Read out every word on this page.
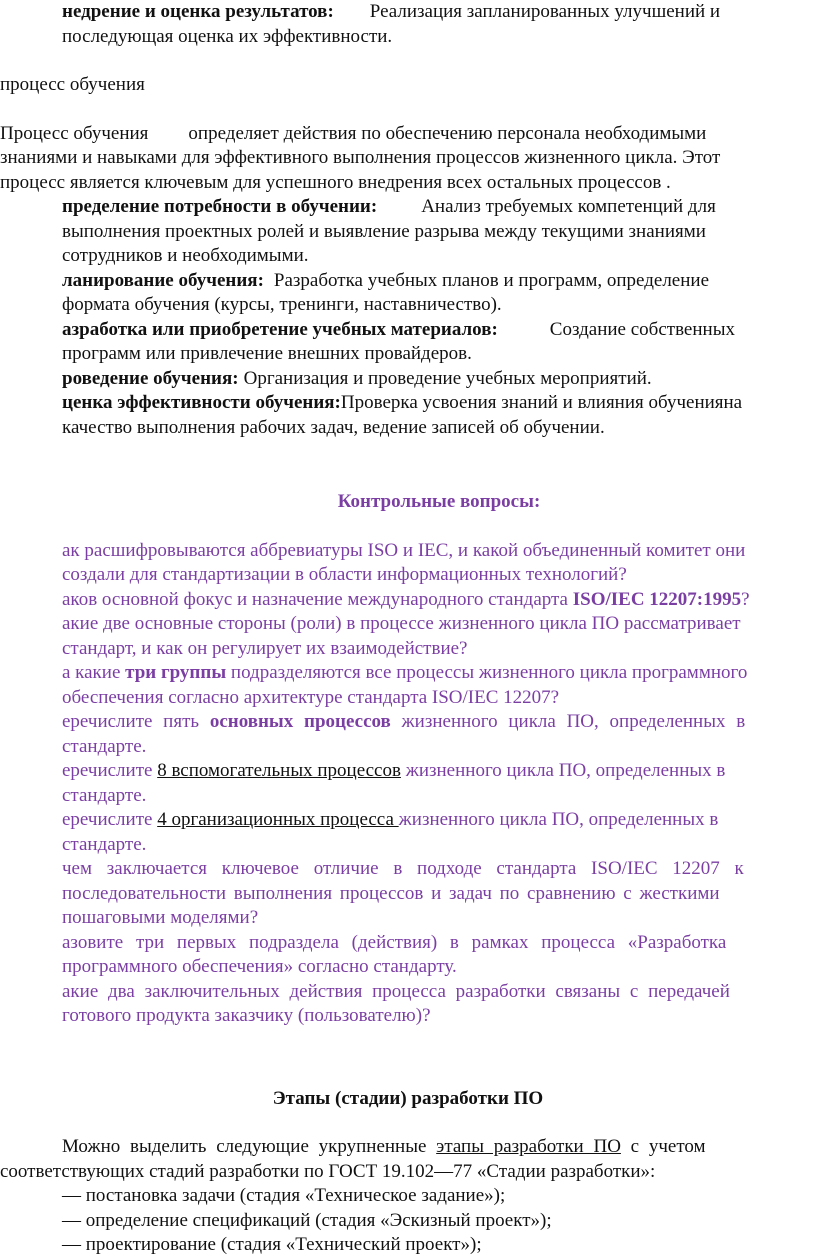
недрение и оценка результатов: Реализация запланированных улучшений и

последующая оценка их эффективности.

процесс обучения

Процесс обучения определяет действия по обеспечению персонала необходимыми

знаниями и навыками для эффективного выполнения процессов жизненного цикла. Этот

процесс является ключевым для успешного внедрения всех остальных процессов .

пределение потребности в обучении: Анализ требуемых компетенций для

выполнения проектных ролей и выявление разрыва между текущими знаниями

сотрудников и необходимыми.

ланирование обучения: Разработка учебных планов и программ, определение

формата обучения (курсы, тренинги, наставничество).

азработка или приобретение учебных материалов:	Создание собственных

программ или привлечение внешних провайдеров.

роведение обучения: Организация и проведение учебных мероприятий.

ценка эффективности обучения:Проверка усвоения знаний и влияния обучениянa

качество выполнения рабочих задач, ведение записей об обучении.

Контрольные вопросы:

ак расшифровываются аббревиатуры ISO и IEC, и какой объединенный комитет они

создали для стандартизации в области информационных технологий?

аков основной фокус и назначение международного стандарта ISO/IEC 12207:1995?

акие две основные стороны (роли) в процессе жизненного цикла ПО рассматривает

стандарт, и как он регулирует их взаимодействие?

а какие три группы подразделяются все процессы жизненного цикла программного

обеспечения согласно архитектуре стандарта ISO/IEC 12207?

еречислите пять основных процессов жизненного цикла ПО, определенных в

стандарте.

еречислите 8 вспомогательных процессов жизненного цикла ПО, определенных в

стандарте.

еречислите 4 организационных процесса жизненного цикла ПО, определенных в

стандарте.

чем заключается ключевое отличие в подходе стандарта ISO/IEC 12207 к

последовательности выполнения процессов и задач по сравнению с жесткими

пошаговыми моделями?

азовите три первых подраздела (действия) в рамках процесса «Разработка

программного обеспечения» согласно стандарту.

акие два заключительных действия процесса разработки связаны с передачей

готового продукта заказчику (пользователю)?

Этапы (стадии) разработки ПО

Можно выделить следующие укрупненные этапы разработки ПО с учетом

соответствующих стадий разработки по ГОСТ 19.102—77 «Стадии разработки»:

— постановка задачи (стадия «Техническое задание»);

— определение спецификаций (стадия «Эскизный проект»);

— проектирование (стадия «Технический проект»);
